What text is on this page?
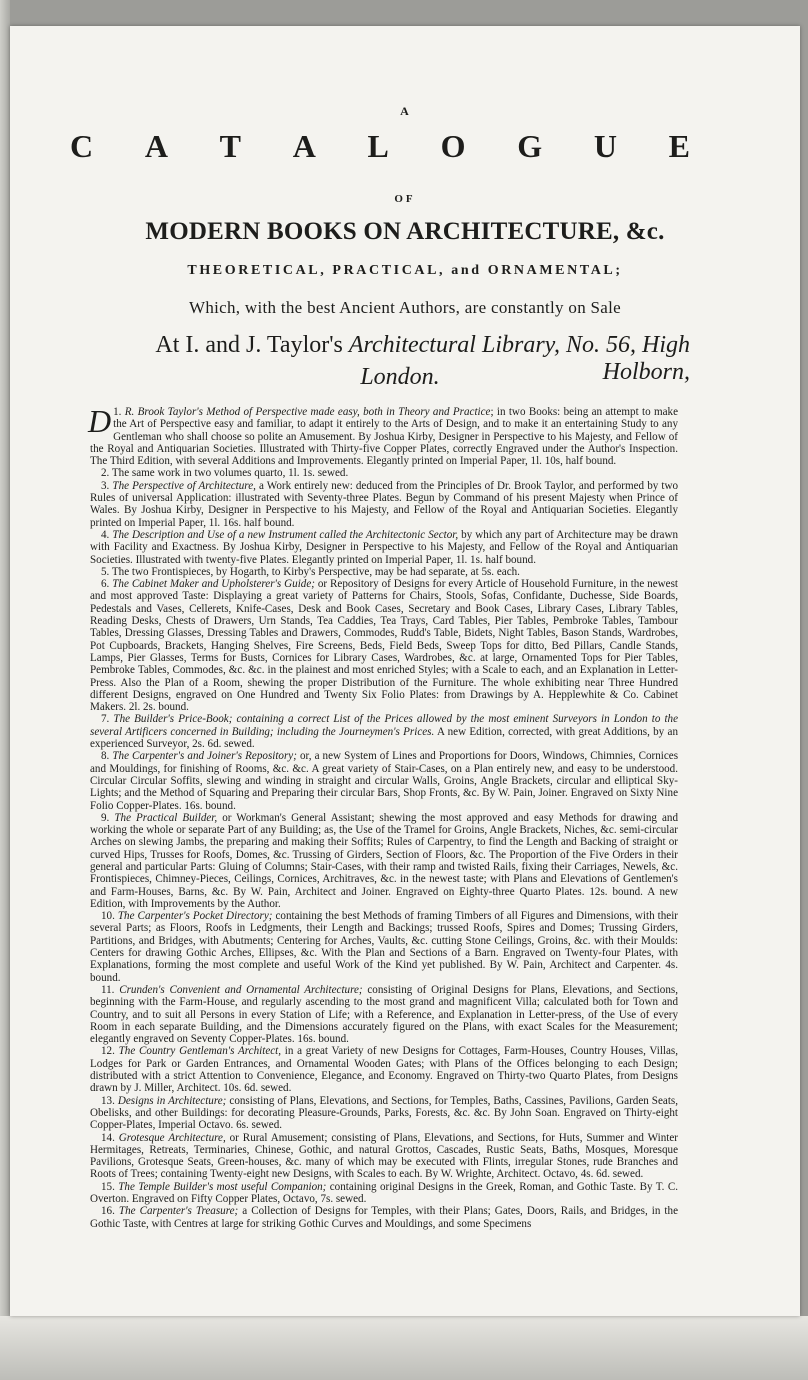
A
C A T A L O G U E
OF
MODERN BOOKS ON ARCHITECTURE, &c.
THEORETICAL, PRACTICAL, and ORNAMENTAL;
Which, with the best Ancient Authors, are constantly on Sale
At I. and J. Taylor's Architectural Library, No. 56, High Holborn,
London.

1.
D R. Brook Taylor's Method of Perspective made easy, both in Theory and Practice; in two Books: being an attempt to make the Art of Perspective easy and familiar, to adapt it entirely to the Arts of Design, and to make it an entertaining Study to any Gentleman who shall choose so polite an Amusement. By Joshua Kirby, Designer in Perspective to his Majesty, and Fellow of the Royal and Antiquarian Societies. Illustrated with Thirty-five Copper Plates, correctly Engraved under the Author's Inspection. The Third Edition, with several Additions and Improvements. Elegantly printed on Imperial Paper, 1l. 10s, half bound.

2. The same work in two volumes quarto, 1l. 1s. sewed.

3. The Perspective of Architecture, a Work entirely new: deduced from the Principles of Dr. Brook Taylor, and performed by two Rules of universal Application: illustrated with Seventy-three Plates. Begun by Command of his present Majesty when Prince of Wales. By Joshua Kirby, Designer in Perspective to his Majesty, and Fellow of the Royal and Antiquarian Societies. Elegantly printed on Imperial Paper, 1l. 16s. half bound.

4. The Description and Use of a new Instrument called the Architectonic Sector, by which any part of Architecture may be drawn with Facility and Exactness. By Joshua Kirby, Designer in Perspective to his Majesty, and Fellow of the Royal and Antiquarian Societies. Illustrated with twenty-five Plates. Elegantly printed on Imperial Paper, 1l. 1s. half bound.

5. The two Frontispieces, by Hogarth, to Kirby's Perspective, may be had separate, at 5s. each.

6. The Cabinet Maker and Upholsterer's Guide; or Repository of Designs for every Article of Household Furniture, in the newest and most approved Taste: Displaying a great variety of Patterns for Chairs, Stools, Sofas, Confidante, Duchesse, Side Boards, Pedestals and Vases, Cellerets, Knife-Cases, Desk and Book Cases, Secretary and Book Cases, Library Cases, Library Tables, Reading Desks, Chests of Drawers, Urn Stands, Tea Caddies, Tea Trays, Card Tables, Pier Tables, Pembroke Tables, Tambour Tables, Dressing Glasses, Dressing Tables and Drawers, Commodes, Rudd's Table, Bidets, Night Tables, Bason Stands, Wardrobes, Pot Cupboards, Brackets, Hanging Shelves, Fire Screens, Beds, Field Beds, Sweep Tops for ditto, Bed Pillars, Candle Stands, Lamps, Pier Glasses, Terms for Busts, Cornices for Library Cases, Wardrobes, &c. at large, Ornamented Tops for Pier Tables, Pembroke Tables, Commodes, &c. &c. in the plainest and most enriched Styles; with a Scale to each, and an Explanation in Letter-Press. Also the Plan of a Room, shewing the proper Distribution of the Furniture. The whole exhibiting near Three Hundred different Designs, engraved on One Hundred and Twenty Six Folio Plates: from Drawings by A. Hepplewhite & Co. Cabinet Makers. 2l. 2s. bound.

7. The Builder's Price-Book; containing a correct List of the Prices allowed by the most eminent Surveyors in London to the several Artificers concerned in Building; including the Journeymen's Prices. A new Edition, corrected, with great Additions, by an experienced Surveyor, 2s. 6d. sewed.

8. The Carpenter's and Joiner's Repository; or, a new System of Lines and Proportions for Doors, Windows, Chimnies, Cornices and Mouldings, for finishing of Rooms, &c. &c. A great variety of Stair-Cases, on a Plan entirely new, and easy to be understood. Circular Circular Soffits, slewing and winding in straight and circular Walls, Groins, Angle Brackets, circular and elliptical Sky-Lights; and the Method of Squaring and Preparing their circular Bars, Shop Fronts, &c. By W. Pain, Joiner. Engraved on Sixty Nine Folio Copper-Plates. 16s. bound.

9. The Practical Builder, or Workman's General Assistant; shewing the most approved and easy Methods for drawing and working the whole or separate Part of any Building; as, the Use of the Tramel for Groins, Angle Brackets, Niches, &c. semi-circular Arches on slewing Jambs, the preparing and making their Soffits; Rules of Carpentry, to find the Length and Backing of straight or curved Hips, Trusses for Roofs, Domes, &c. Trussing of Girders, Section of Floors, &c. The Proportion of the Five Orders in their general and particular Parts: Gluing of Columns; Stair-Cases, with their ramp and twisted Rails, fixing their Carriages, Newels, &c. Frontispieces, Chimney-Pieces, Ceilings, Cornices, Architraves, &c. in the newest taste; with Plans and Elevations of Gentlemen's and Farm-Houses, Barns, &c. By W. Pain, Architect and Joiner. Engraved on Eighty-three Quarto Plates. 12s. bound. A new Edition, with Improvements by the Author.

10. The Carpenter's Pocket Directory; containing the best Methods of framing Timbers of all Figures and Dimensions, with their several Parts; as Floors, Roofs in Ledgments, their Length and Backings; trussed Roofs, Spires and Domes; Trussing Girders, Partitions, and Bridges, with Abutments; Centering for Arches, Vaults, &c. cutting Stone Ceilings, Groins, &c. with their Moulds: Centers for drawing Gothic Arches, Ellipses, &c. With the Plan and Sections of a Barn. Engraved on Twenty-four Plates, with Explanations, forming the most complete and useful Work of the Kind yet published. By W. Pain, Architect and Carpenter. 4s. bound.

11. Crunden's Convenient and Ornamental Architecture; consisting of Original Designs for Plans, Elevations, and Sections, beginning with the Farm-House, and regularly ascending to the most grand and magnificent Villa; calculated both for Town and Country, and to suit all Persons in every Station of Life; with a Reference, and Explanation in Letter-press, of the Use of every Room in each separate Building, and the Dimensions accurately figured on the Plans, with exact Scales for the Measurement; elegantly engraved on Seventy Copper-Plates. 16s. bound.

12. The Country Gentleman's Architect, in a great Variety of new Designs for Cottages, Farm-Houses, Country Houses, Villas, Lodges for Park or Garden Entrances, and Ornamental Wooden Gates; with Plans of the Offices belonging to each Design; distributed with a strict Attention to Convenience, Elegance, and Economy. Engraved on Thirty-two Quarto Plates, from Designs drawn by J. Miller, Architect. 10s. 6d. sewed.

13. Designs in Architecture; consisting of Plans, Elevations, and Sections, for Temples, Baths, Cassines, Pavilions, Garden Seats, Obelisks, and other Buildings: for decorating Pleasure-Grounds, Parks, Forests, &c. &c. By John Soan. Engraved on Thirty-eight Copper-Plates, Imperial Octavo. 6s. sewed.

14. Grotesque Architecture, or Rural Amusement; consisting of Plans, Elevations, and Sections, for Huts, Summer and Winter Hermitages, Retreats, Terminaries, Chinese, Gothic, and natural Grottos, Cascades, Rustic Seats, Baths, Mosques, Moresque Pavilions, Grotesque Seats, Green-houses, &c. many of which may be executed with Flints, irregular Stones, rude Branches and Roots of Trees; containing Twenty-eight new Designs, with Scales to each. By W. Wrighte, Architect. Octavo, 4s. 6d. sewed.

15. The Temple Builder's most useful Companion; containing original Designs in the Greek, Roman, and Gothic Taste. By T. C. Overton. Engraved on Fifty Copper Plates, Octavo, 7s. sewed.

16. The Carpenter's Treasure; a Collection of Designs for Temples, with their Plans; Gates, Doors, Rails, and Bridges, in the Gothic Taste, with Centres at large for striking Gothic Curves and Mouldings, and some Specimens
